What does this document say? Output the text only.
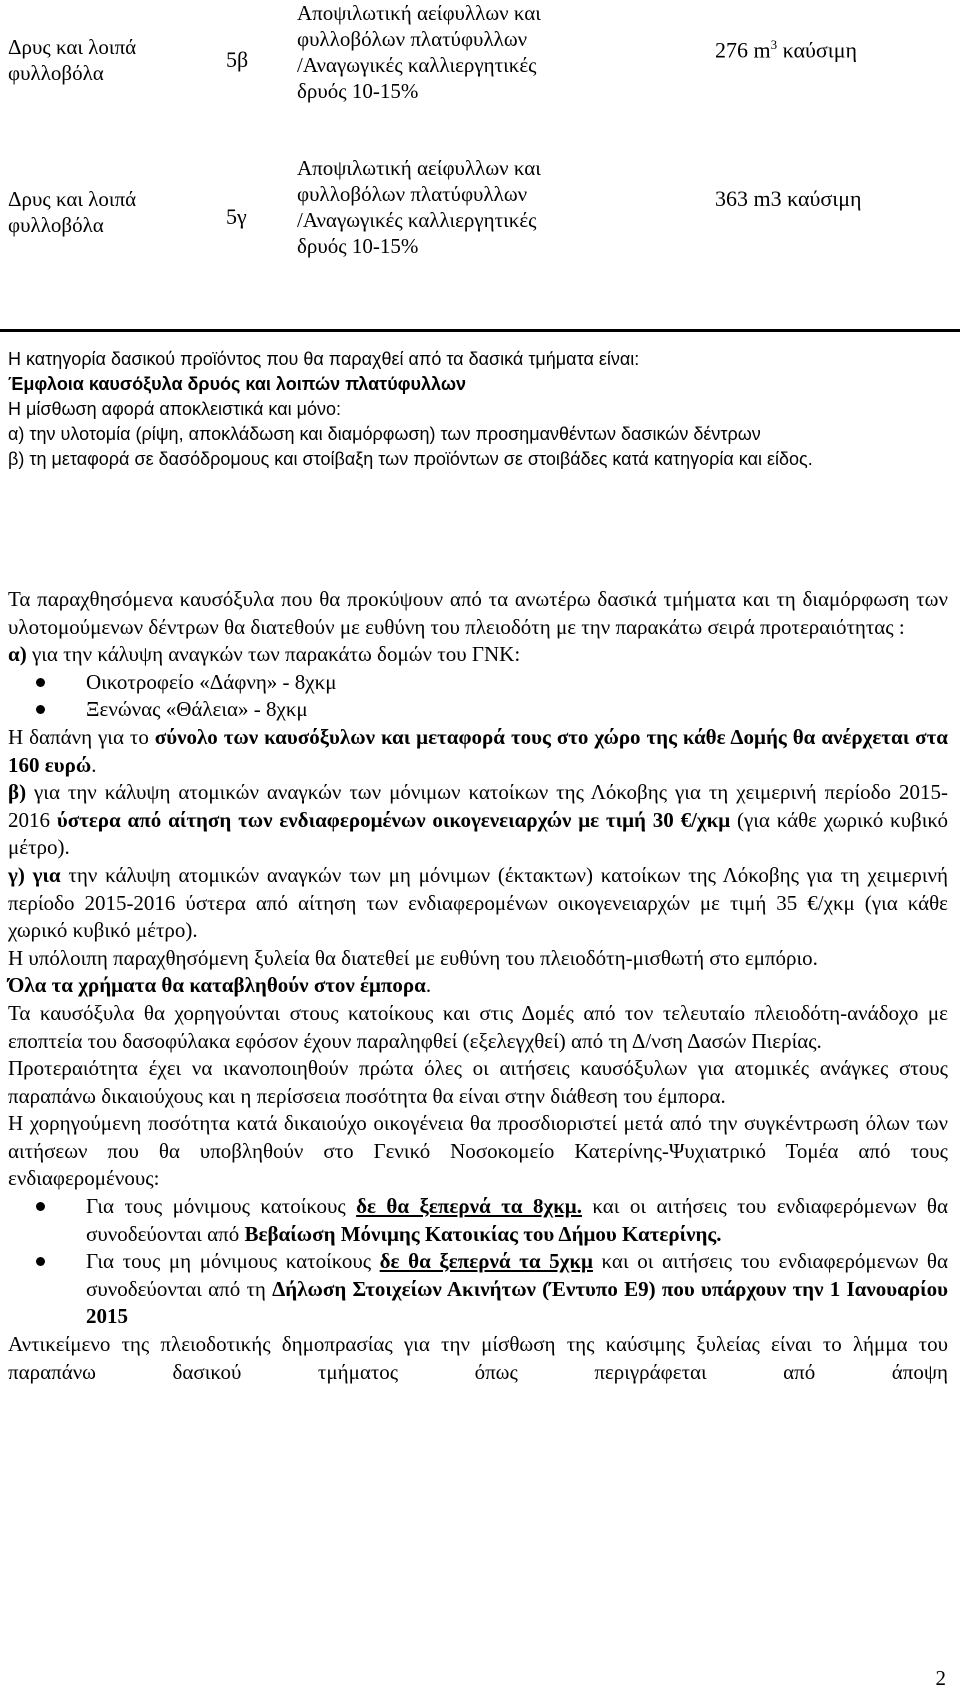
Δρυς και λοιπά
φυλλοβόλα
5β
Αποψιλωτική αείφυλλων και
φυλλοβόλων πλατύφυλλων
/Αναγωγικές καλλιεργητικές
δρυός 10-15%
276 $m^3$ καύσιμη
Δρυς και λοιπά
φυλλοβόλα	5γ
Αποψιλωτική αείφυλλων και
φυλλοβόλων πλατύφυλλων
/Αναγωγικές καλλιεργητικές
δρυός 10-15%
363 m3 καύσιμη

Η κατηγορία δασικού προϊόντος που θα παραχθεί από τα δασικά τμήματα είναι:

Έμφλοια καυσόξυλα δρυός και λοιπών πλατύφυλλων

Η μίσθωση αφορά αποκλειστικά και μόνο:

α) την υλοτομία (ρίψη, αποκλάδωση και διαμόρφωση) των προσημανθέντων δασικών δέντρων

β) τη μεταφορά σε δασόδρομους και στοίβαξη των προϊόντων σε στοιβάδες κατά κατηγορία και είδος.

Τα παραχθησόμενα καυσόξυλα που θα προκύψουν από τα ανωτέρω δασικά τμήματα και τη διαμόρφωση των υλοτομούμενων δέντρων θα διατεθούν με ευθύνη του πλειοδότη με την παρακάτω σειρά προτεραιότητας :

α) για την κάλυψη αναγκών των παρακάτω δομών του ΓΝΚ:

Οικοτροφείο «Δάφνη» - 8χκμ
Ξενώνας «Θάλεια» - 8χκμ

Η δαπάνη για το σύνολο των καυσόξυλων και μεταφορά τους στο χώρο της κάθε Δομής θα ανέρχεται στα 160 ευρώ.

β) για την κάλυψη ατομικών αναγκών των μόνιμων κατοίκων της Λόκοβης για τη χειμερινή περίοδο 2015-2016 ύστερα από αίτηση των ενδιαφερομένων οικογενειαρχών με τιμή 30 €/χκμ (για κάθε χωρικό κυβικό μέτρο).

γ) για την κάλυψη ατομικών αναγκών των μη μόνιμων (έκτακτων) κατοίκων της Λόκοβης για τη χειμερινή περίοδο 2015-2016 ύστερα από αίτηση των ενδιαφερομένων οικογενειαρχών με τιμή 35 €/χκμ (για κάθε χωρικό κυβικό μέτρο).

Η υπόλοιπη παραχθησόμενη ξυλεία θα διατεθεί με ευθύνη του πλειοδότη-μισθωτή στο εμπόριο.

Όλα τα χρήματα θα καταβληθούν στον έμπορα.

Τα καυσόξυλα θα χορηγούνται στους κατοίκους και στις Δομές από τον τελευταίο πλειοδότη-ανάδοχο με εποπτεία του δασοφύλακα εφόσον έχουν παραληφθεί (εξελεγχθεί) από τη Δ/νση Δασών Πιερίας.

Προτεραιότητα έχει να ικανοποιηθούν πρώτα όλες οι αιτήσεις καυσόξυλων για ατομικές ανάγκες στους παραπάνω δικαιούχους και η περίσσεια ποσότητα θα είναι στην διάθεση του έμπορα.

Η χορηγούμενη ποσότητα κατά δικαιούχο οικογένεια θα προσδιοριστεί μετά από την συγκέντρωση όλων των αιτήσεων που θα υποβληθούν στο Γενικό Νοσοκομείο Κατερίνης-Ψυχιατρικό Τομέα από τους ενδιαφερομένους:

Για τους μόνιμους κατοίκους δε θα ξεπερνά τα 8χκμ. και οι αιτήσεις του ενδιαφερόμενων θα συνοδεύονται από Βεβαίωση Μόνιμης Κατοικίας του Δήμου Κατερίνης.
Για τους μη μόνιμους κατοίκους δε θα ξεπερνά τα 5χκμ και οι αιτήσεις του ενδιαφερόμενων θα συνοδεύονται από τη Δήλωση Στοιχείων Ακινήτων (Έντυπο Ε9) που υπάρχουν την 1 Ιανουαρίου 2015

Αντικείμενο της πλειοδοτικής δημοπρασίας για την μίσθωση της καύσιμης ξυλείας είναι το λήμμα του παραπάνω δασικού τμήματος όπως περιγράφεται από άποψη

2
